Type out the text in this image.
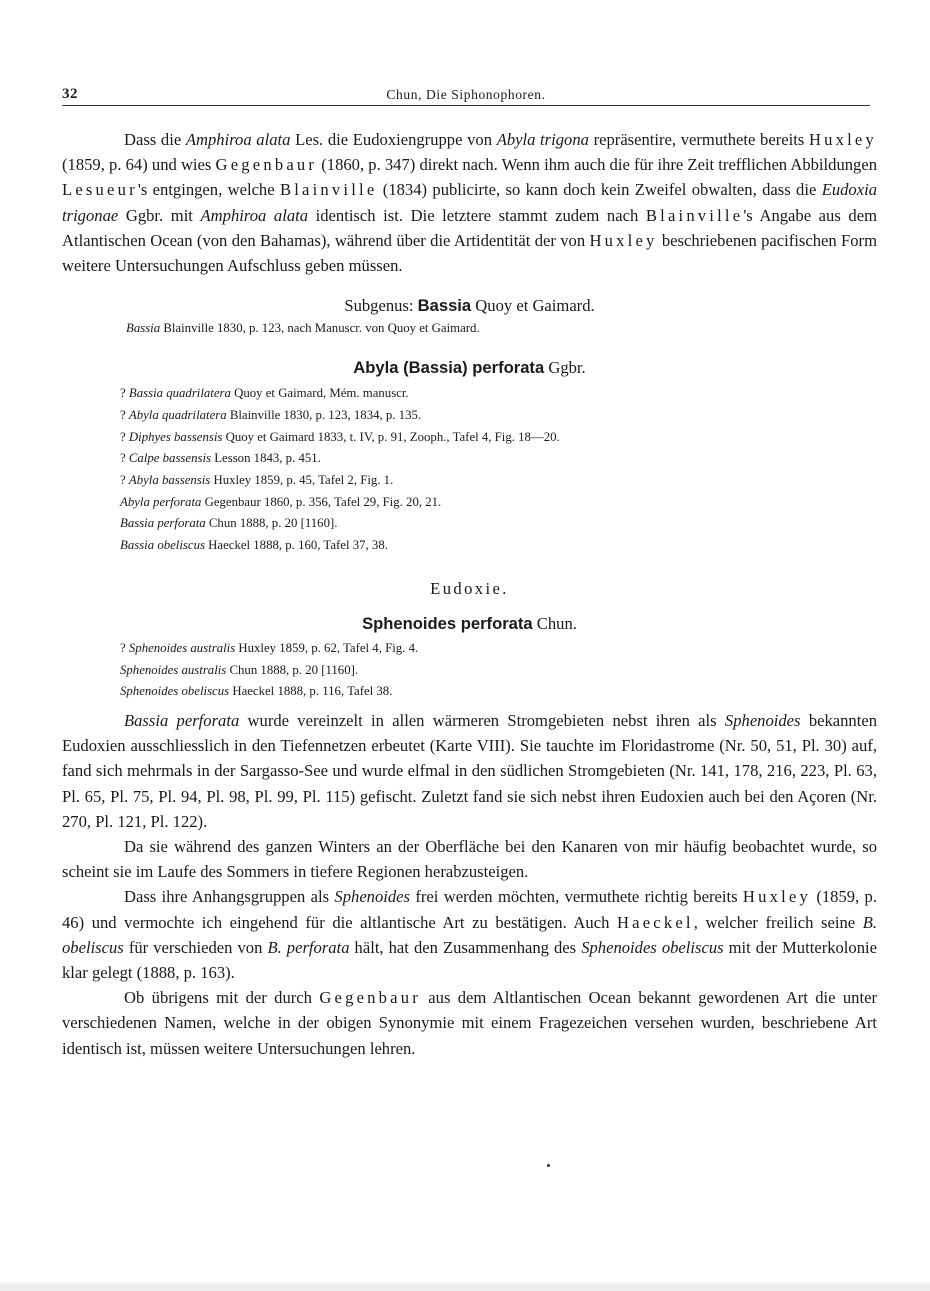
32	Chun, Die Siphonophoren.

Dass die Amphiroa alata Les. die Eudoxiengruppe von Abyla trigona repräsentire, vermuthete bereits Huxley (1859, p. 64) und wies Gegenbaur (1860, p. 347) direkt nach. Wenn ihm auch die für ihre Zeit trefflichen Abbildungen Lesueur's entgingen, welche Blainville (1834) publicirte, so kann doch kein Zweifel obwalten, dass die Eudoxia trigonae Ggbr. mit Amphiroa alata identisch ist. Die letztere stammt zudem nach Blainville's Angabe aus dem Atlantischen Ocean (von den Bahamas), während über die Artidentität der von Huxley beschriebenen pacifischen Form weitere Untersuchungen Aufschluss geben müssen.

Subgenus: Bassia Quoy et Gaimard.
Bassia Blainville 1830, p. 123, nach Manuscr. von Quoy et Gaimard.
Abyla (Bassia) perforata Ggbr.
? Bassia quadrilatera Quoy et Gaimard, Mém. manuscr.
? Abyla quadrilatera Blainville 1830, p. 123, 1834, p. 135.
? Diphyes bassensis Quoy et Gaimard 1833, t. IV, p. 91, Zooph., Tafel 4, Fig. 18—20.
? Calpe bassensis Lesson 1843, p. 451.
? Abyla bassensis Huxley 1859, p. 45, Tafel 2, Fig. 1.
Abyla perforata Gegenbaur 1860, p. 356, Tafel 29, Fig. 20, 21.
Bassia perforata Chun 1888, p. 20 [1160].
Bassia obeliscus Haeckel 1888, p. 160, Tafel 37, 38.
Eudoxie.
Sphenoides perforata Chun.
? Sphenoides australis Huxley 1859, p. 62, Tafel 4, Fig. 4.
Sphenoides australis Chun 1888, p. 20 [1160].
Sphenoides obeliscus Haeckel 1888, p. 116, Tafel 38.

Bassia perforata wurde vereinzelt in allen wärmeren Stromgebieten nebst ihren als Sphenoides bekannten Eudoxien ausschliesslich in den Tiefennetzen erbeutet (Karte VIII). Sie tauchte im Floridastrome (Nr. 50, 51, Pl. 30) auf, fand sich mehrmals in der Sargasso-See und wurde elfmal in den südlichen Stromgebieten (Nr. 141, 178, 216, 223, Pl. 63, Pl. 65, Pl. 75, Pl. 94, Pl. 98, Pl. 99, Pl. 115) gefischt. Zuletzt fand sie sich nebst ihren Eudoxien auch bei den Açoren (Nr. 270, Pl. 121, Pl. 122).

Da sie während des ganzen Winters an der Oberfläche bei den Kanaren von mir häufig beobachtet wurde, so scheint sie im Laufe des Sommers in tiefere Regionen herabzusteigen.

Dass ihre Anhangsgruppen als Sphenoides frei werden möchten, vermuthete richtig bereits Huxley (1859, p. 46) und vermochte ich eingehend für die altlantische Art zu bestätigen. Auch Haeckel, welcher freilich seine B. obeliscus für verschieden von B. perforata hält, hat den Zusammenhang des Sphenoides obeliscus mit der Mutterkolonie klar gelegt (1888, p. 163).

Ob übrigens mit der durch Gegenbaur aus dem Altlantischen Ocean bekannt gewordenen Art die unter verschiedenen Namen, welche in der obigen Synonymie mit einem Fragezeichen versehen wurden, beschriebene Art identisch ist, müssen weitere Untersuchungen lehren.
